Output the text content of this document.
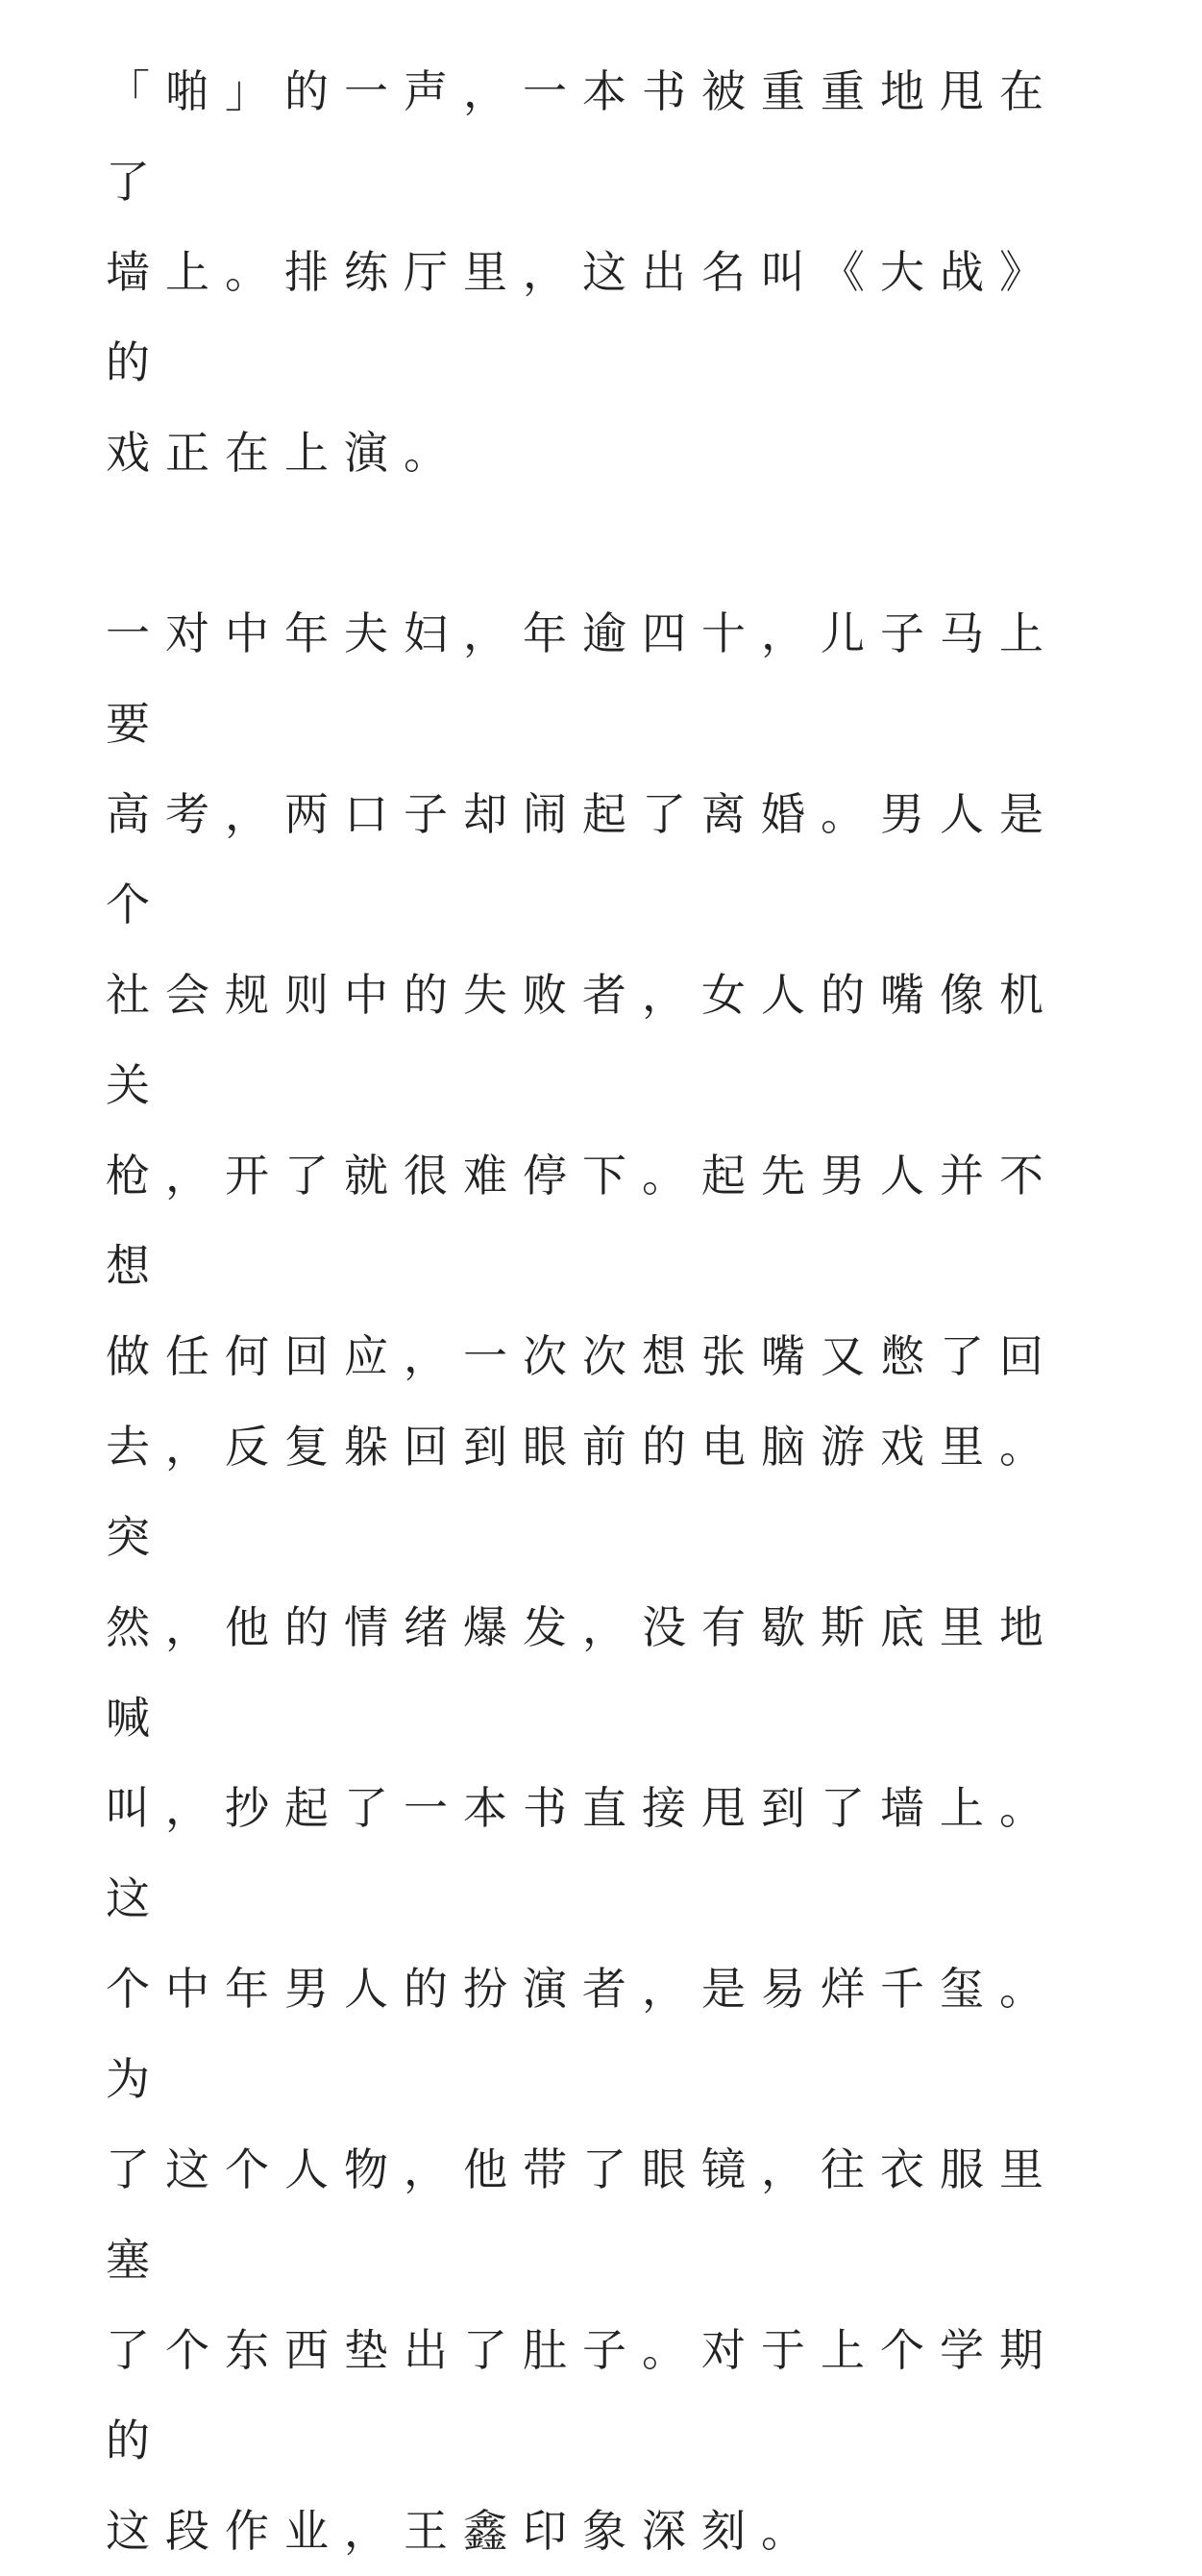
「啪」的一声，一本书被重重地甩在了
墙上。排练厅里，这出名叫《大战》的
戏正在上演。

一对中年夫妇，年逾四十，儿子马上要
高考，两口子却闹起了离婚。男人是个
社会规则中的失败者，女人的嘴像机关
枪，开了就很难停下。起先男人并不想
做任何回应，一次次想张嘴又憋了回
去，反复躲回到眼前的电脑游戏里。突
然，他的情绪爆发，没有歇斯底里地喊
叫，抄起了一本书直接甩到了墙上。这
个中年男人的扮演者，是易烊千玺。为
了这个人物，他带了眼镜，往衣服里塞
了个东西垫出了肚子。对于上个学期的
这段作业，王鑫印象深刻。
